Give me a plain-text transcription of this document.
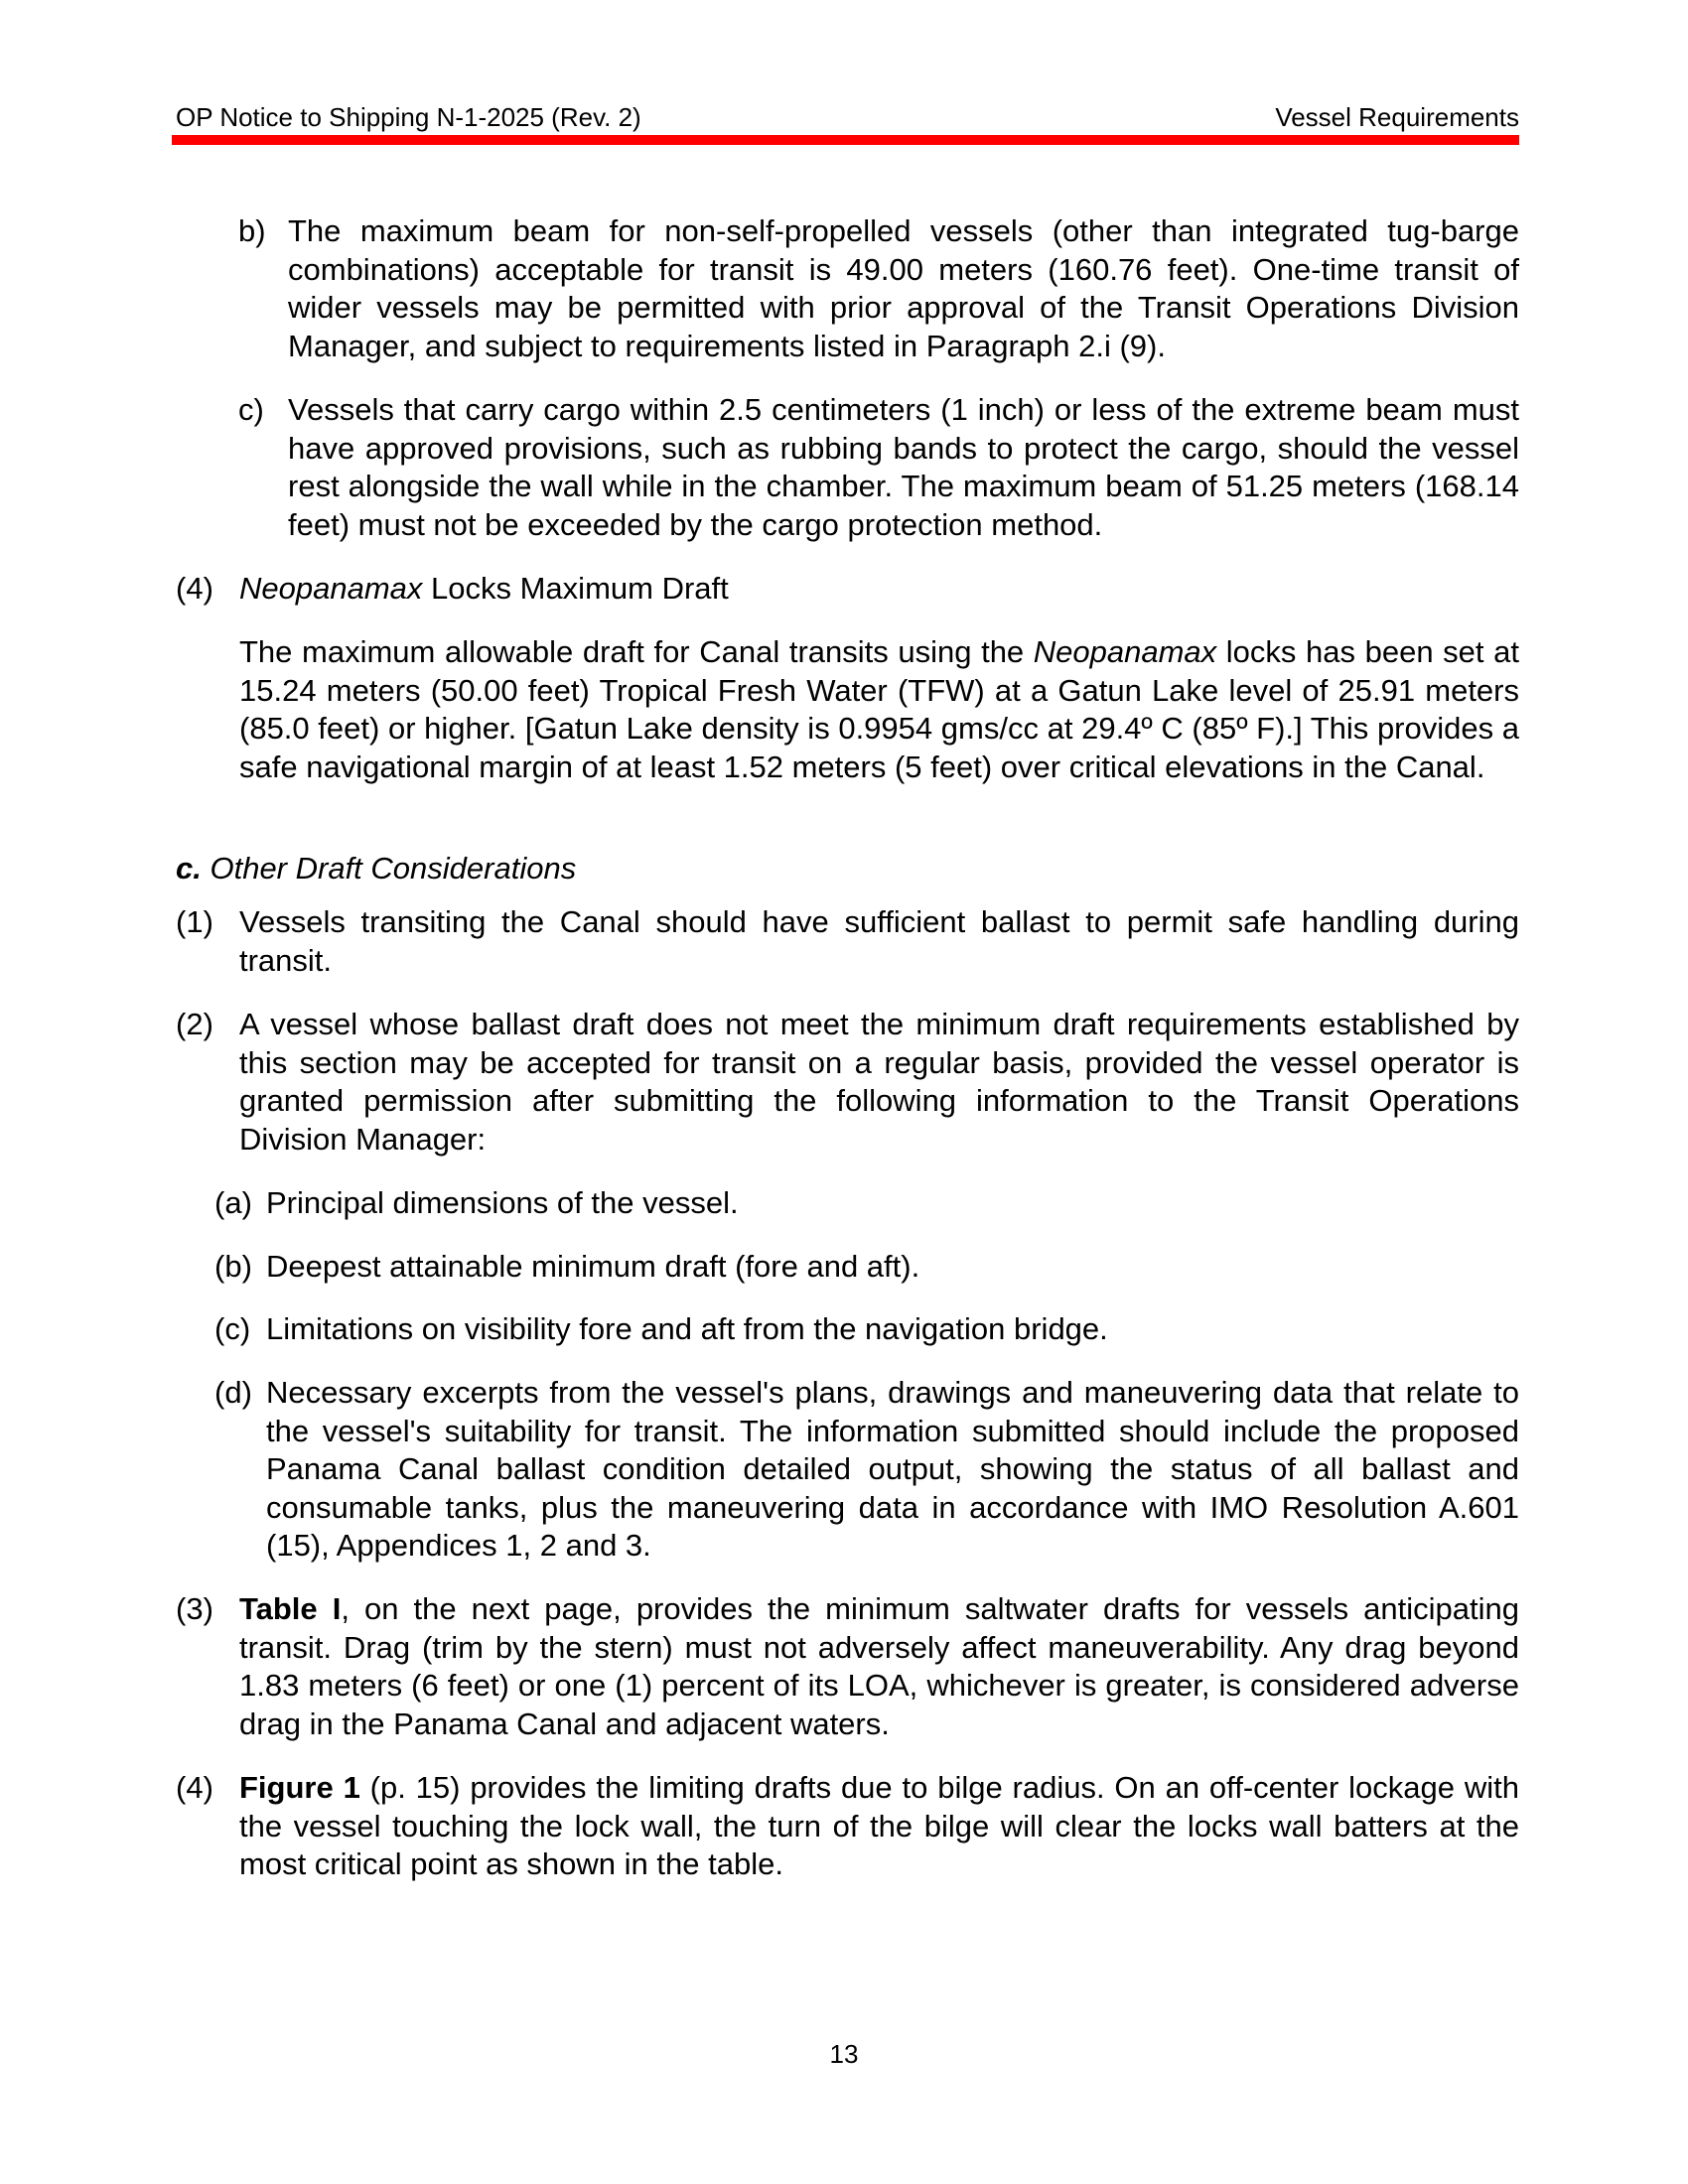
OP Notice to Shipping N-1-2025 (Rev. 2)	Vessel Requirements
b) The maximum beam for non-self-propelled vessels (other than integrated tug-barge combinations) acceptable for transit is 49.00 meters (160.76 feet). One-time transit of wider vessels may be permitted with prior approval of the Transit Operations Division Manager, and subject to requirements listed in Paragraph 2.i (9).
c) Vessels that carry cargo within 2.5 centimeters (1 inch) or less of the extreme beam must have approved provisions, such as rubbing bands to protect the cargo, should the vessel rest alongside the wall while in the chamber. The maximum beam of 51.25 meters (168.14 feet) must not be exceeded by the cargo protection method.
(4) Neopanamax Locks Maximum Draft
The maximum allowable draft for Canal transits using the Neopanamax locks has been set at 15.24 meters (50.00 feet) Tropical Fresh Water (TFW) at a Gatun Lake level of 25.91 meters (85.0 feet) or higher. [Gatun Lake density is 0.9954 gms/cc at 29.4º C (85º F).] This provides a safe navigational margin of at least 1.52 meters (5 feet) over critical elevations in the Canal.
c. Other Draft Considerations
(1) Vessels transiting the Canal should have sufficient ballast to permit safe handling during transit.
(2) A vessel whose ballast draft does not meet the minimum draft requirements established by this section may be accepted for transit on a regular basis, provided the vessel operator is granted permission after submitting the following information to the Transit Operations Division Manager:
(a) Principal dimensions of the vessel.
(b) Deepest attainable minimum draft (fore and aft).
(c) Limitations on visibility fore and aft from the navigation bridge.
(d) Necessary excerpts from the vessel's plans, drawings and maneuvering data that relate to the vessel's suitability for transit. The information submitted should include the proposed Panama Canal ballast condition detailed output, showing the status of all ballast and consumable tanks, plus the maneuvering data in accordance with IMO Resolution A.601 (15), Appendices 1, 2 and 3.
(3) Table I, on the next page, provides the minimum saltwater drafts for vessels anticipating transit. Drag (trim by the stern) must not adversely affect maneuverability. Any drag beyond 1.83 meters (6 feet) or one (1) percent of its LOA, whichever is greater, is considered adverse drag in the Panama Canal and adjacent waters.
(4) Figure 1 (p. 15) provides the limiting drafts due to bilge radius. On an off-center lockage with the vessel touching the lock wall, the turn of the bilge will clear the locks wall batters at the most critical point as shown in the table.
13
